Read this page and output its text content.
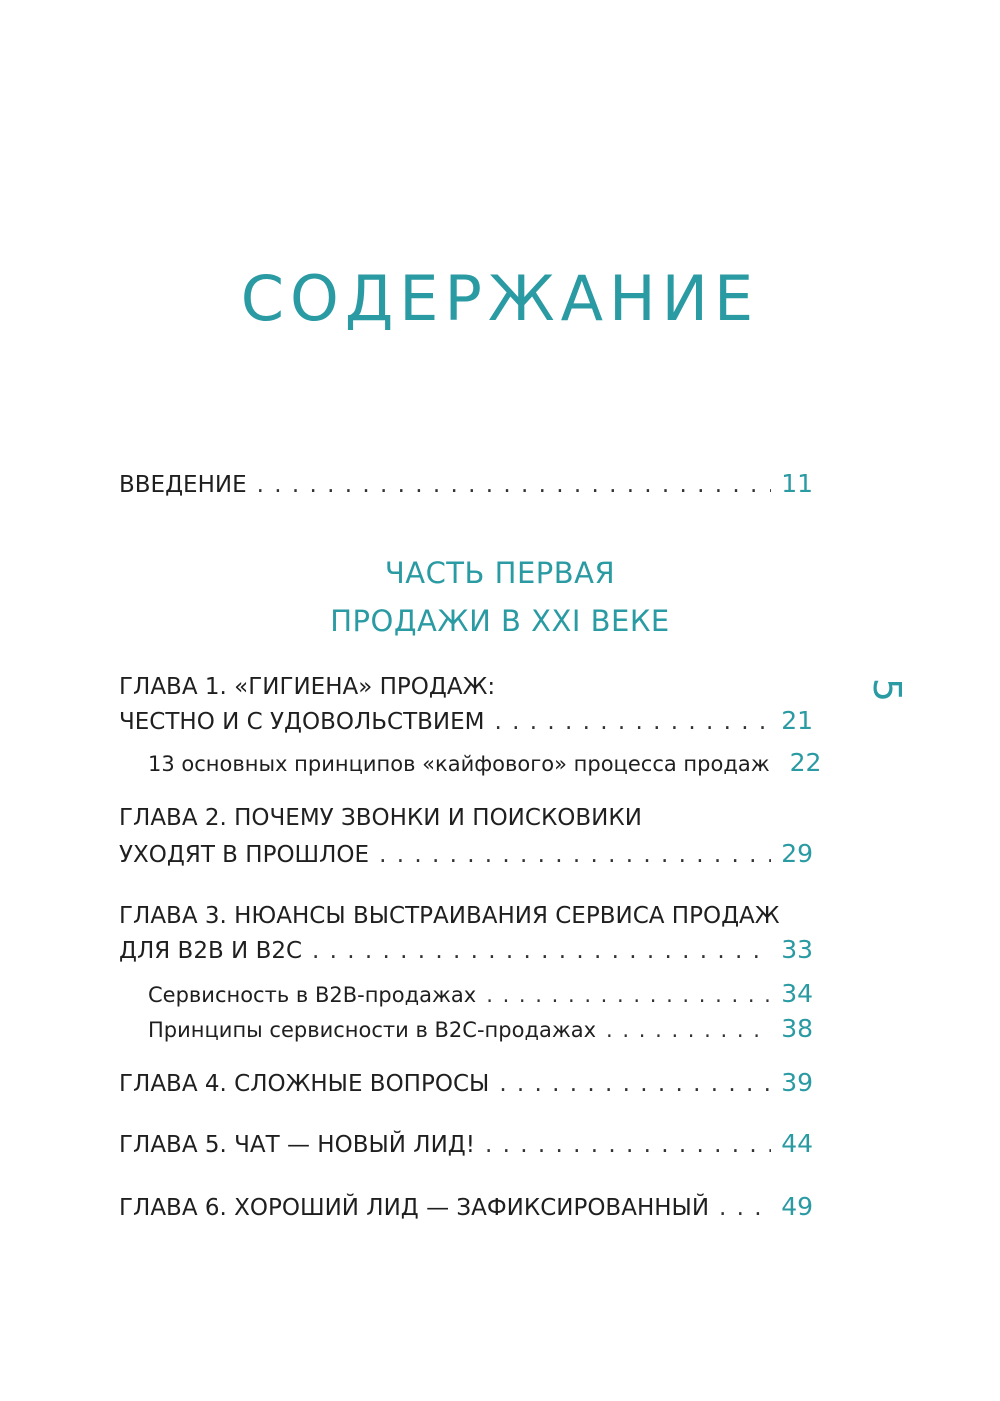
СОДЕРЖАНИЕ
5
ВВЕДЕНИЕ . . .	11
ЧАСТЬ ПЕРВАЯ
ПРОДАЖИ В XXI ВЕКЕ
ГЛАВА 1. «ГИГИЕНА» ПРОДАЖ:
ЧЕСТНО И С УДОВОЛЬСТВИЕМ . . .	21
13 основных принципов «кайфового» процесса продаж 22
ГЛАВА 2. ПОЧЕМУ ЗВОНКИ И ПОИСКОВИКИ
УХОДЯТ В ПРОШЛОЕ . . .	29
ГЛАВА 3. НЮАНСЫ ВЫСТРАИВАНИЯ СЕРВИСА ПРОДАЖ
ДЛЯ B2B И B2C . . .	33
Сервисность в B2B-продажах . . .	34
Принципы сервисности в B2C-продажах . . .	38
ГЛАВА 4. СЛОЖНЫЕ ВОПРОСЫ . . .	39
ГЛАВА 5. ЧАТ — НОВЫЙ ЛИД! . . .	44
ГЛАВА 6. ХОРОШИЙ ЛИД — ЗАФИКСИРОВАННЫЙ . . .	49
